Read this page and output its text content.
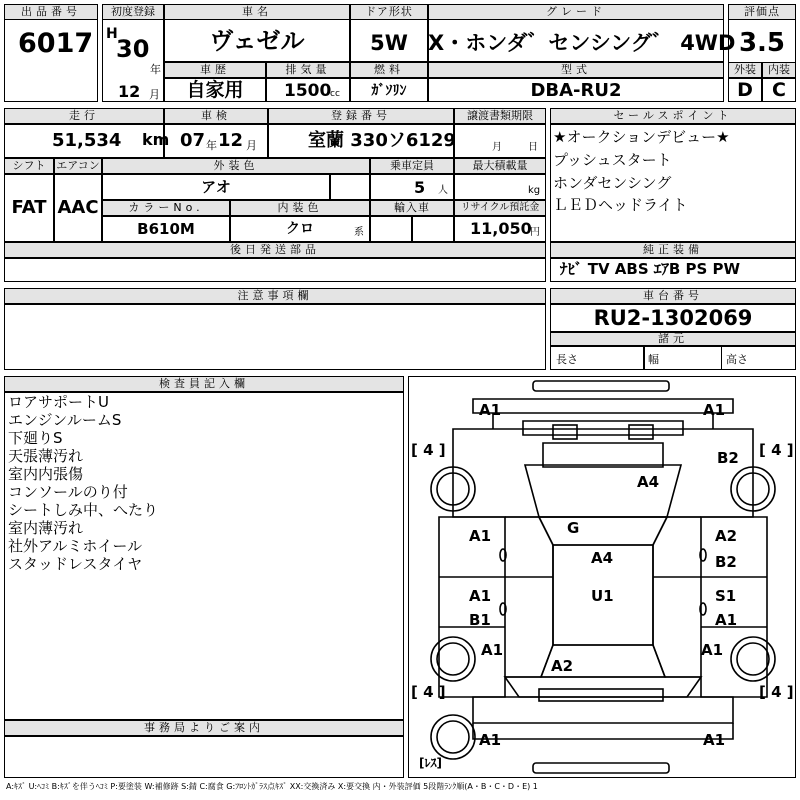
出品番号
6017
初度登録
H
30
年
12 月
車名
ヴェゼル
ドア形状
5W
グレード
X・ホンダ゛センシング゛ 4WD
評価点
3.5
外装	内装
D	C
車歴
自家用
排気量
1500
cc
燃料
ｶﾞｿﾘﾝ
型式
DBA-RU2
走行
51,534 km
車検
07 年 12 月
登録番号
室蘭 330ソ6129
譲渡書類期限
月	日
シフト
FAT
エアコン
AAC
外装色
アオ
乗車定員
5 人
最大積載量
kg
カラーNo.
B610M
内装色
クロ	系
輸入車	リサイクル預託金
11,050
円
セールスポイント
★オークションデビュー★
プッシュスタート
ホンダセンシング
ＬＥＤヘッドライト
後日発送部品	純正装備
ﾅﾋﾞ TV ABS ｴｱB PS PW
注意事項欄	車台番号
RU2-1302069
諸元
長さ	幅	高さ
検査員記入欄
ロアサポートU
エンジンルームS
下廻りS
天張薄汚れ
室内内張傷
コンソールのり付
シートしみ中、へたり
室内薄汚れ
社外アルミホイール
スタッドレスタイヤ
事務局よりご案内
A1	A1
[ 4 ]	[ 4 ]
B2
A4
G
A1	A2
B2
A4
A1
B1
U1	S1
A1
A1	A1
A2
[ 4 ]	[ 4 ]
A1	A1
[ﾚｽ]
A:ｷｽﾞ U:ﾍｺﾐ B:ｷｽﾞを伴うﾍｺﾐ P:要塗装 W:補修跡 S:錆 C:腐食 G:ﾌﾛﾝﾄｶﾞﾗｽ点ｷｽﾞ XX:交換済み X:要交換 内・外装評価 5段階ﾗﾝｸ順(A・B・C・D・E) 1
